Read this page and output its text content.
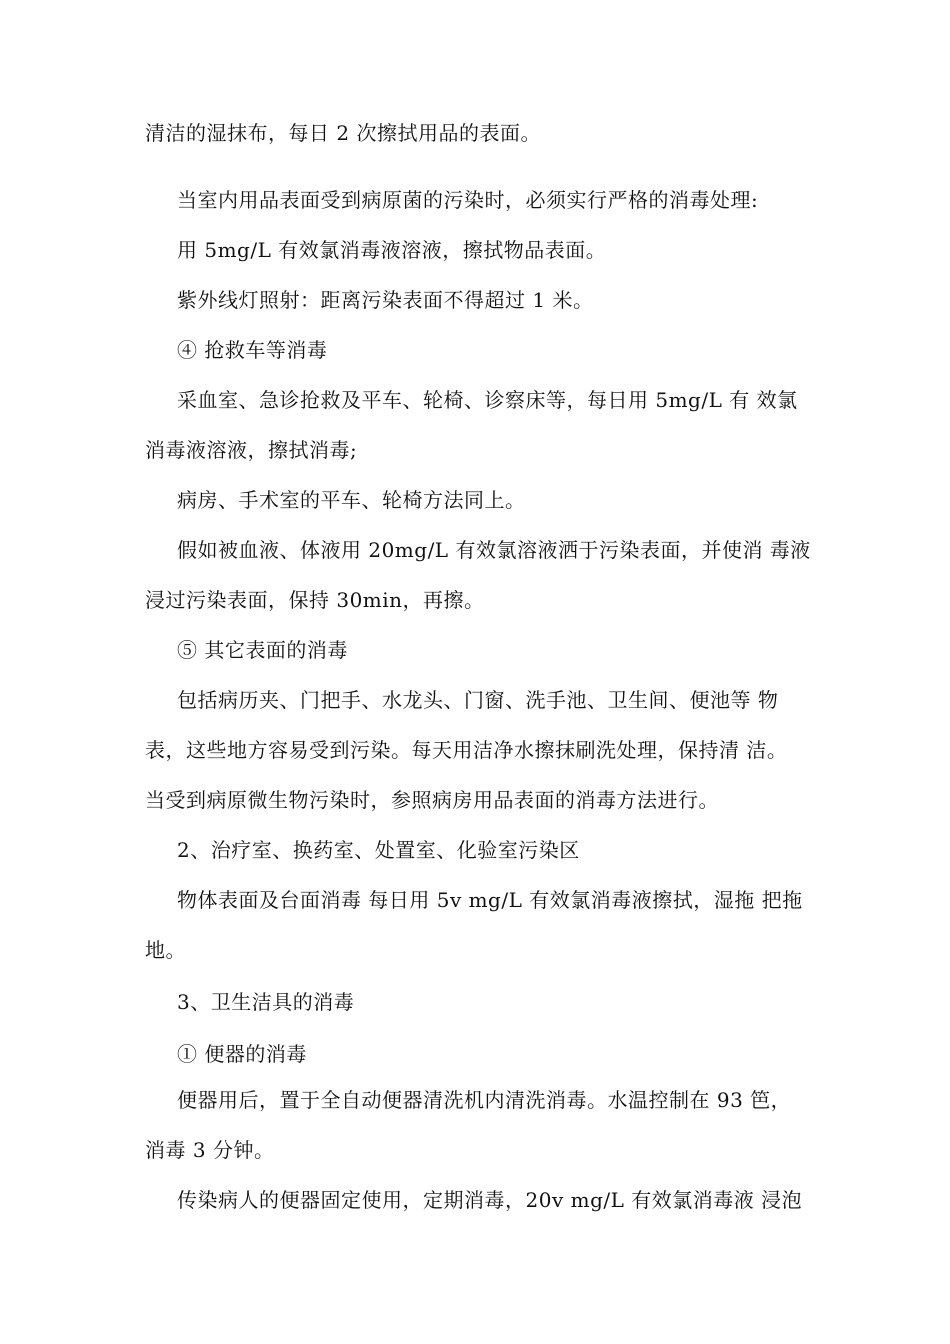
清洁的湿抹布，每日 2 次擦拭用品的表面。
当室内用品表面受到病原菌的污染时，必须实行严格的消毒处理:
用 5mg/L 有效氯消毒液溶液，擦拭物品表面。
紫外线灯照射：距离污染表面不得超过 1 米。
④ 抢救车等消毒
采血室、急诊抢救及平车、轮椅、诊察床等，每日用 5mg/L 有 效氯
消毒液溶液，擦拭消毒;
病房、手术室的平车、轮椅方法同上。
假如被血液、体液用 20mg/L 有效氯溶液洒于污染表面，并使消 毒液
浸过污染表面，保持 30min，再擦。
⑤ 其它表面的消毒
包括病历夹、门把手、水龙头、门窗、洗手池、卫生间、便池等 物
表，这些地方容易受到污染。每天用洁净水擦抹刷洗处理，保持清 洁。
当受到病原微生物污染时，参照病房用品表面的消毒方法进行。
2、治疗室、换药室、处置室、化验室污染区
物体表面及台面消毒 每日用 5v mg/L 有效氯消毒液擦拭，湿拖 把拖
地。
3、卫生洁具的消毒
① 便器的消毒
便器用后，置于全自动便器清洗机内清洗消毒。水温控制在 93 笆，
消毒 3 分钟。
传染病人的便器固定使用，定期消毒，20v mg/L 有效氯消毒液 浸泡
